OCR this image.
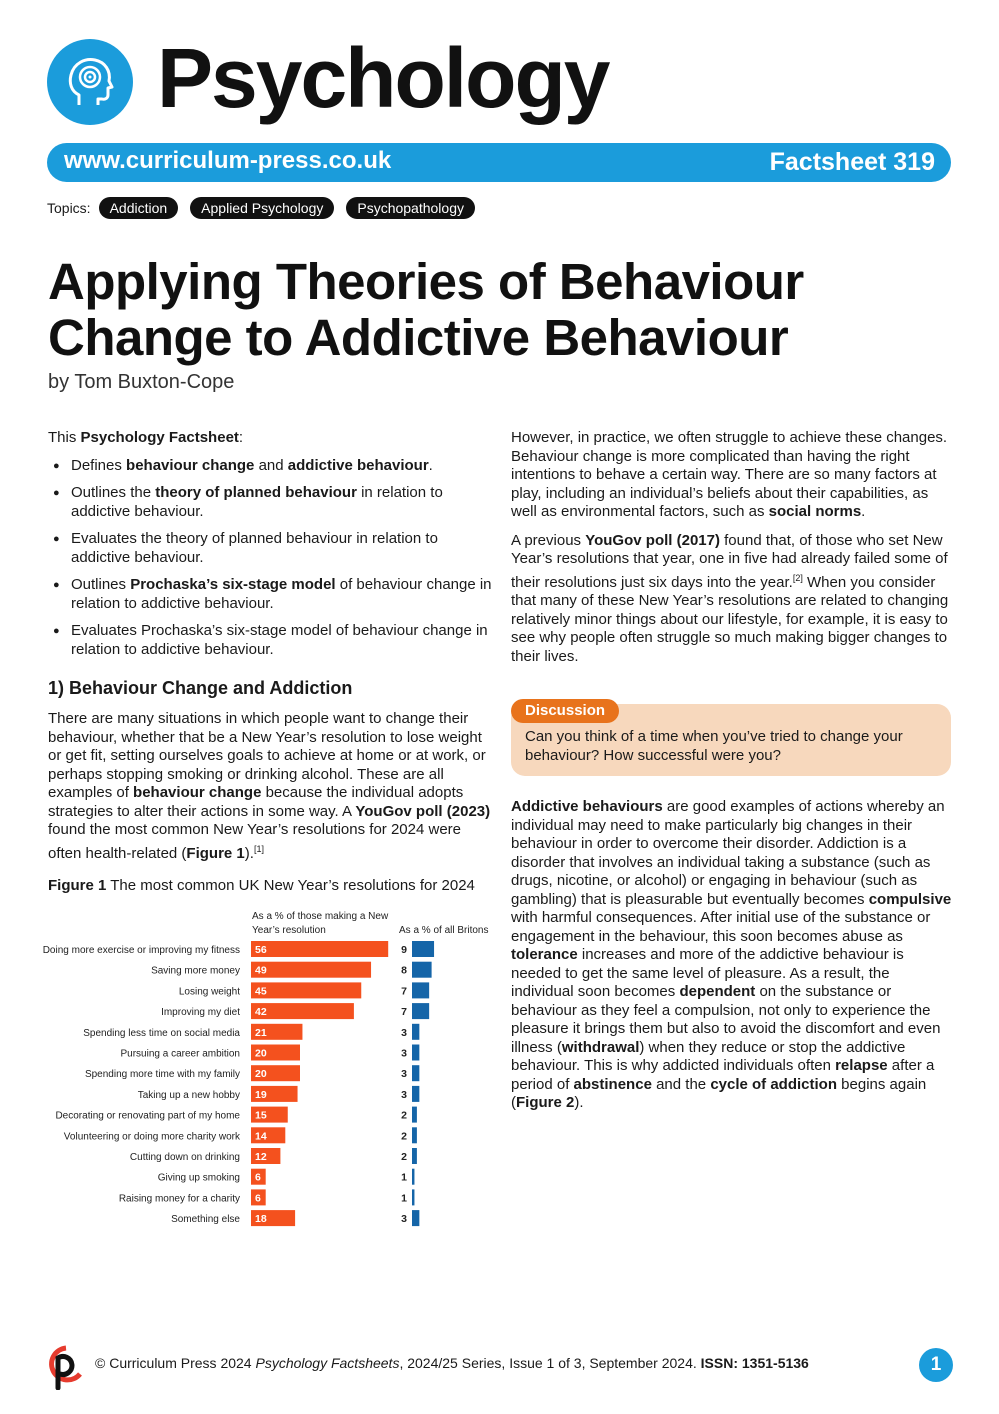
Psychology
www.curriculum-press.co.uk	Factsheet 319
Topics:	Addiction	Applied Psychology	Psychopathology
Applying Theories of Behaviour
Change to Addictive Behaviour
by Tom Buxton-Cope
This Psychology Factsheet:
● Defines behaviour change and addictive behaviour.
● Outlines the theory of planned behaviour in relation to addictive behaviour.
● Evaluates the theory of planned behaviour in relation to addictive behaviour.
● Outlines Prochaska’s six-stage model of behaviour change in relation to addictive behaviour.
● Evaluates Prochaska’s six-stage model of behaviour change in relation to addictive behaviour.
1) Behaviour Change and Addiction
There are many situations in which people want to change their behaviour, whether that be a New Year’s resolution to lose weight or get fit, setting ourselves goals to achieve at home or at work, or perhaps stopping smoking or drinking alcohol. These are all examples of behaviour change because the individual adopts strategies to alter their actions in some way. A YouGov poll (2023) found the most common New Year’s resolutions for 2024 were often health-related (Figure 1).[1]
Figure 1 The most common UK New Year’s resolutions for 2024
As a % of those making a New
Year’s resolution	As a % of all Britons
Doing more exercise or improving my fitness 56	9
Saving more money 49	8
Losing weight 45	7
Improving my diet 42	7
Spending less time on social media 21	3
Pursuing a career ambition 20	3
Spending more time with my family 20	3
Taking up a new hobby 19	3
Decorating or renovating part of my home 15	2
Volunteering or doing more charity work 14	2
Cutting down on drinking 12	2
Giving up smoking 6	1
Raising money for a charity 6	1
Something else 18	3

However, in practice, we often struggle to achieve these changes. Behaviour change is more complicated than having the right intentions to behave a certain way. There are so many factors at play, including an individual’s beliefs about their capabilities, as well as environmental factors, such as social norms.

A previous YouGov poll (2017) found that, of those who set New Year’s resolutions that year, one in five had already failed some of their resolutions just six days into the year.[2] When you consider that many of these New Year’s resolutions are related to changing relatively minor things about our lifestyle, for example, it is easy to see why people often struggle so much making bigger changes to their lives.

Discussion
Can you think of a time when you’ve tried to change your behaviour? How successful were you?
Addictive behaviours are good examples of actions whereby an individual may need to make particularly big changes in their behaviour in order to overcome their disorder. Addiction is a disorder that involves an individual taking a substance (such as drugs, nicotine, or alcohol) or engaging in behaviour (such as gambling) that is pleasurable but eventually becomes compulsive with harmful consequences. After initial use of the substance or engagement in the behaviour, this soon becomes abuse as tolerance increases and more of the addictive behaviour is needed to get the same level of pleasure. As a result, the individual soon becomes dependent on the substance or behaviour as they feel a compulsion, not only to experience the pleasure it brings them but also to avoid the discomfort and even illness (withdrawal) when they reduce or stop the addictive behaviour. This is why addicted individuals often relapse after a period of abstinence and the cycle of addiction begins again (Figure 2).
© Curriculum Press 2024 Psychology Factsheets, 2024/25 Series, Issue 1 of 3, September 2024. ISSN: 1351-5136	1
